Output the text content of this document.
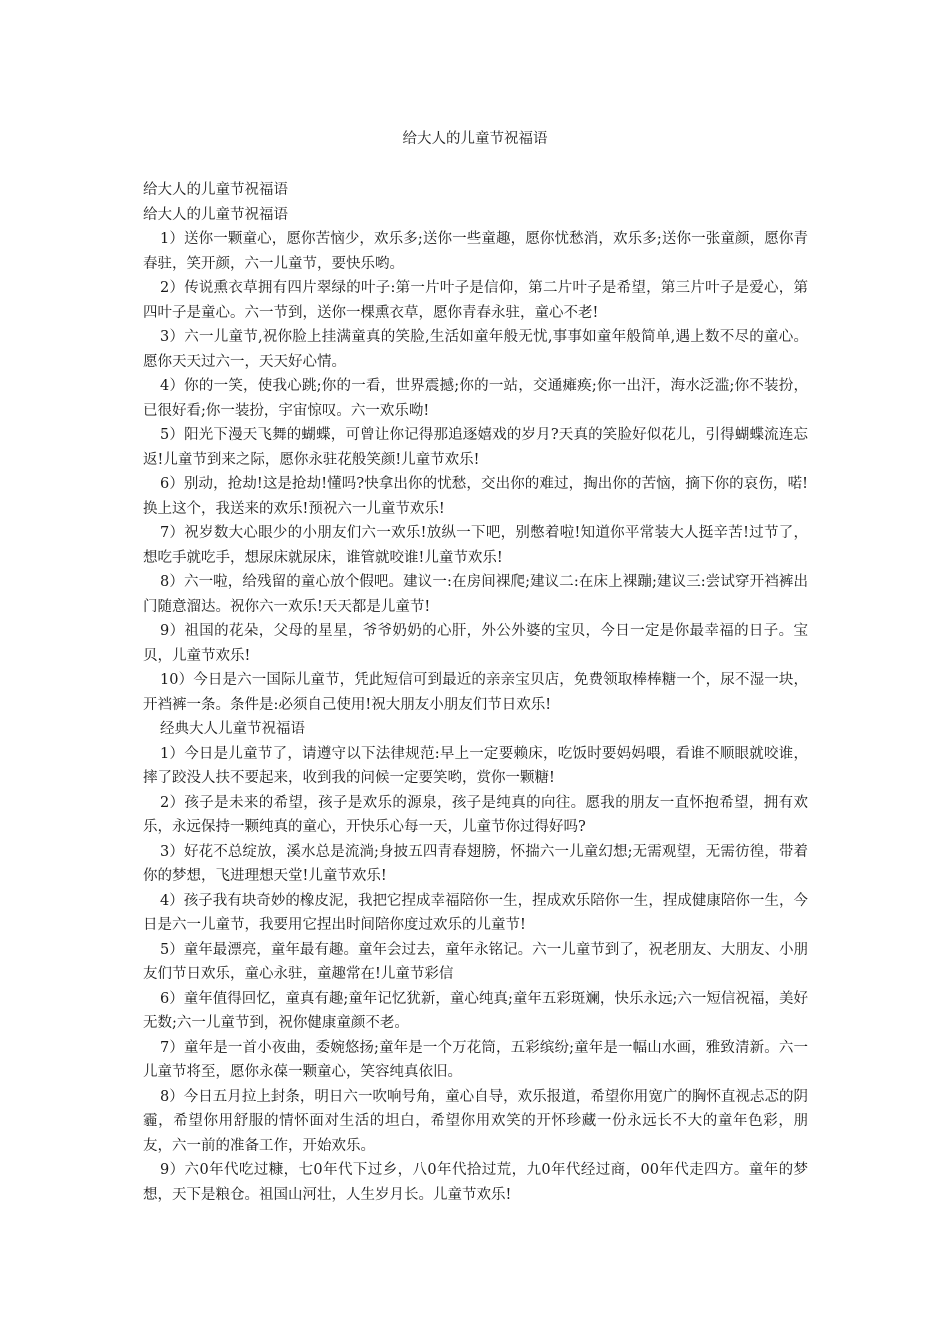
给大人的儿童节祝福语

给大人的儿童节祝福语

给大人的儿童节祝福语

1）送你一颗童心，愿你苦恼少，欢乐多;送你一些童趣，愿你忧愁消，欢乐多;送你一张童颜，愿你青春驻，笑开颜，六一儿童节，要快乐哟。

2）传说熏衣草拥有四片翠绿的叶子:第一片叶子是信仰，第二片叶子是希望，第三片叶子是爱心，第四叶子是童心。六一节到，送你一棵熏衣草，愿你青春永驻，童心不老!

3）六一儿童节,祝你脸上挂满童真的笑脸,生活如童年般无忧,事事如童年般简单,遇上数不尽的童心。愿你天天过六一，天天好心情。

4）你的一笑，使我心跳;你的一看，世界震撼;你的一站，交通瘫痪;你一出汗，海水泛滥;你不装扮，已很好看;你一装扮，宇宙惊叹。六一欢乐呦!

5）阳光下漫天飞舞的蝴蝶，可曾让你记得那追逐嬉戏的岁月?天真的笑脸好似花儿，引得蝴蝶流连忘返!儿童节到来之际，愿你永驻花般笑颜!儿童节欢乐!

6）别动，抢劫!这是抢劫!懂吗?快拿出你的忧愁，交出你的难过，掏出你的苦恼，摘下你的哀伤，喏!换上这个，我送来的欢乐!预祝六一儿童节欢乐!

7）祝岁数大心眼少的小朋友们六一欢乐!放纵一下吧，别憋着啦!知道你平常装大人挺辛苦!过节了，想吃手就吃手，想尿床就尿床，谁管就咬谁!儿童节欢乐!

8）六一啦，给残留的童心放个假吧。建议一:在房间裸爬;建议二:在床上裸蹦;建议三:尝试穿开裆裤出门随意溜达。祝你六一欢乐!天天都是儿童节!

9）祖国的花朵，父母的星星，爷爷奶奶的心肝，外公外婆的宝贝，今日一定是你最幸福的日子。宝贝，儿童节欢乐!

10）今日是六一国际儿童节，凭此短信可到最近的亲亲宝贝店，免费领取棒棒糖一个，尿不湿一块，开裆裤一条。条件是:必须自己使用!祝大朋友小朋友们节日欢乐!

经典大人儿童节祝福语

1）今日是儿童节了，请遵守以下法律规范:早上一定要赖床，吃饭时要妈妈喂，看谁不顺眼就咬谁，摔了跤没人扶不要起来，收到我的问候一定要笑哟，赏你一颗糖!

2）孩子是未来的希望，孩子是欢乐的源泉，孩子是纯真的向往。愿我的朋友一直怀抱希望，拥有欢乐，永远保持一颗纯真的童心，开快乐心每一天，儿童节你过得好吗?

3）好花不总绽放，溪水总是流淌;身披五四青春翅膀，怀揣六一儿童幻想;无需观望，无需彷徨，带着你的梦想，飞进理想天堂!儿童节欢乐!

4）孩子我有块奇妙的橡皮泥，我把它捏成幸福陪你一生，捏成欢乐陪你一生，捏成健康陪你一生，今日是六一儿童节，我要用它捏出时间陪你度过欢乐的儿童节!

5）童年最漂亮，童年最有趣。童年会过去，童年永铭记。六一儿童节到了，祝老朋友、大朋友、小朋友们节日欢乐，童心永驻，童趣常在!儿童节彩信

6）童年值得回忆，童真有趣;童年记忆犹新，童心纯真;童年五彩斑斓，快乐永远;六一短信祝福，美好无数;六一儿童节到，祝你健康童颜不老。

7）童年是一首小夜曲，委婉悠扬;童年是一个万花筒，五彩缤纷;童年是一幅山水画，雅致清新。六一儿童节将至，愿你永葆一颗童心，笑容纯真依旧。

8）今日五月拉上封条，明日六一吹响号角，童心自导，欢乐报道，希望你用宽广的胸怀直视忐忑的阴霾，希望你用舒服的情怀面对生活的坦白，希望你用欢笑的开怀珍藏一份永远长不大的童年色彩，朋友，六一前的准备工作，开始欢乐。

9）六0年代吃过糠，七0年代下过乡，八0年代拾过荒，九0年代经过商，00年代走四方。童年的梦想，天下是粮仓。祖国山河壮，人生岁月长。儿童节欢乐!
